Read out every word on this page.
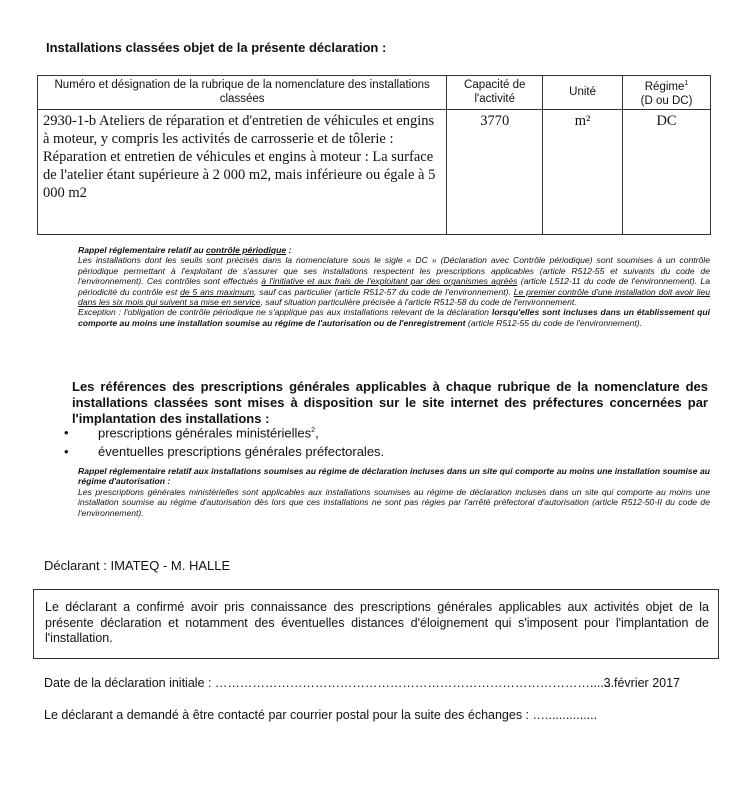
Installations classées objet de la présente déclaration :
Numéro et désignation de la rubrique de la nomenclature des installations classées	Capacité de l'activité	Unité	Régime$^1$
(D ou DC)
2930-1-b Ateliers de réparation et d'entretien de véhicules et engins à moteur, y compris les activités de carrosserie et de tôlerie : Réparation et entretien de véhicules et engins à moteur : La surface de l'atelier étant supérieure à 2 000 m2, mais inférieure ou égale à 5 000 m2	3770	m²	DC
Rappel réglementaire relatif au contrôle périodique :
Les installations dont les seuils sont précisés dans la nomenclature sous le sigle « DC » (Déclaration avec Contrôle périodique) sont soumises à un contrôle périodique permettant à l'exploitant de s'assurer que ses installations respectent les prescriptions applicables (article R512-55 et suivants du code de l'environnement). Ces contrôles sont effectués à l'initiative et aux frais de l'exploitant par des organismes agréés (article L512-11 du code de l'environnement). La périodicité du contrôle est de 5 ans maximum, sauf cas particulier (article R512-57 du code de l'environnement). Le premier contrôle d'une installation doit avoir lieu dans les six mois qui suivent sa mise en service, sauf situation particulière précisée à l'article R512-58 du code de l'environnement.
Exception : l'obligation de contrôle périodique ne s'applique pas aux installations relevant de la déclaration lorsqu'elles sont incluses dans un établissement qui comporte au moins une installation soumise au régime de l'autorisation ou de l'enregistrement (article R512-55 du code de l'environnement).
Les références des prescriptions générales applicables à chaque rubrique de la nomenclature des installations classées sont mises à disposition sur le site internet des préfectures concernées par l'implantation des installations :
• prescriptions générales ministérielles$^2$,
• éventuelles prescriptions générales préfectorales.
Rappel réglementaire relatif aux installations soumises au régime de déclaration incluses dans un site qui comporte au moins une installation soumise au régime d'autorisation :
Les prescriptions générales ministérielles sont applicables aux installations soumises au régime de déclaration incluses dans un site qui comporte au moins une installation soumise au régime d'autorisation dès lors que ces installations ne sont pas régies par l'arrêté préfectoral d'autorisation (article R512-50-II du code de l'environnement).
Déclarant : IMATEQ - M. HALLE
Le déclarant a confirmé avoir pris connaissance des prescriptions générales applicables aux activités objet de la présente déclaration et notamment des éventuelles distances d'éloignement qui s'imposent pour l'implantation de l'installation.
Date de la déclaration initiale : ……………………………………………………………………………….......
3 février 2017
Le déclarant a demandé à être contacté par courrier postal pour la suite des échanges : …...............
